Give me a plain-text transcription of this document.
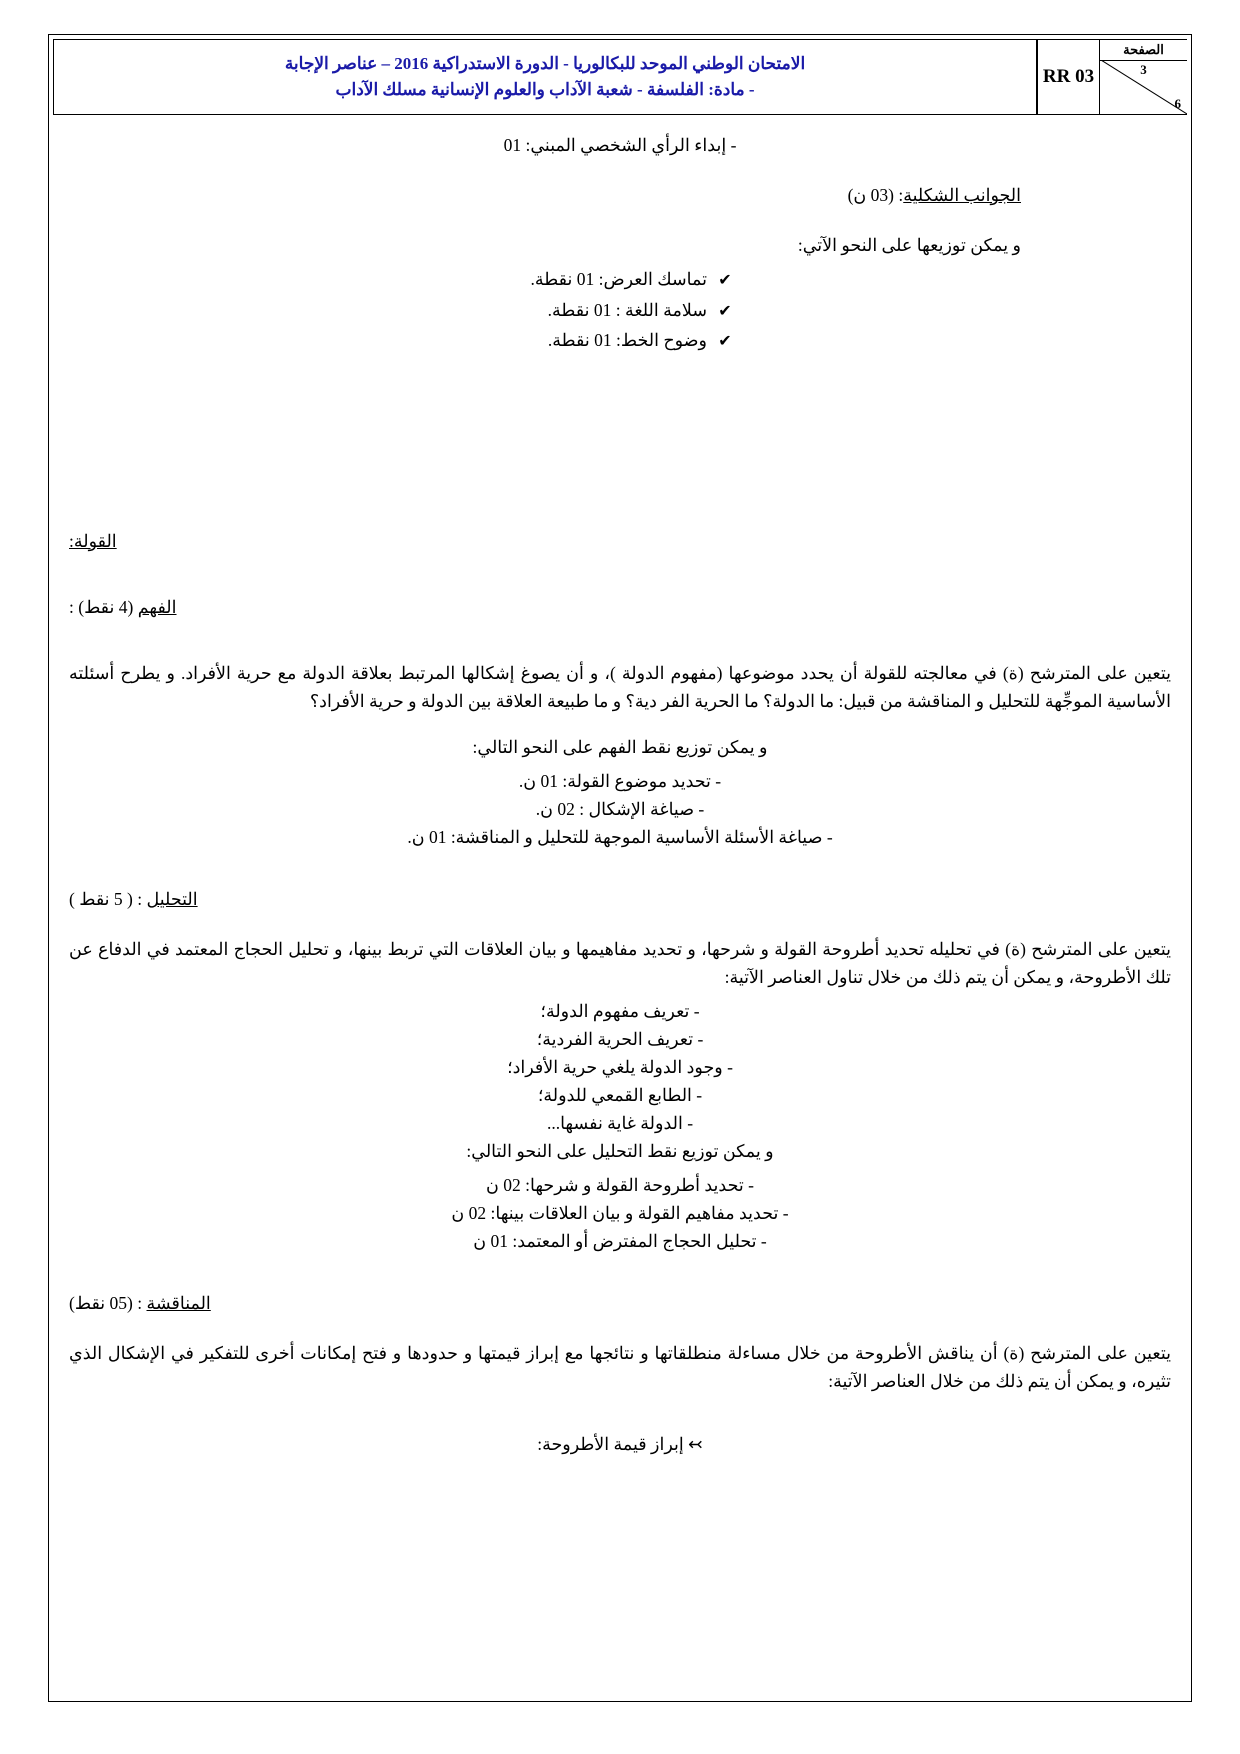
الصفحة
3
6
RR 03
الامتحان الوطني الموحد للبكالوريا - الدورة الاستدراكية 2016 – عناصر الإجابة
- مادة: الفلسفة - شعبة الآداب والعلوم الإنسانية مسلك الآداب

- إبداء الرأي الشخصي المبني: 01

الجوانب الشكلية: (03 ن)

و يمكن توزيعها على النحو الآتي:

✔
تماسك العرض: 01 نقطة.
✔
سلامة اللغة : 01 نقطة.
✔
وضوح الخط: 01 نقطة.

القولة:

الفهم (4 نقط) :

يتعين على المترشح (ة) في معالجته للقولة أن يحدد موضوعها (مفهوم الدولة )، و أن يصوغ إشكالها المرتبط بعلاقة الدولة مع حرية الأفراد. و يطرح أسئلته الأساسية الموجِّهة للتحليل و المناقشة من قبيل: ما الدولة؟ ما الحرية الفر دية؟ و ما طبيعة العلاقة بين الدولة و حرية الأفراد؟

و يمكن توزيع نقط الفهم على النحو التالي:

- تحديد موضوع القولة: 01 ن.
- صياغة الإشكال : 02 ن.
- صياغة الأسئلة الأساسية الموجهة للتحليل و المناقشة: 01 ن.

التحليل : ( 5 نقط )

يتعين على المترشح (ة) في تحليله تحديد أطروحة القولة و شرحها، و تحديد مفاهيمها و بيان العلاقات التي تربط بينها، و تحليل الحجاج المعتمد في الدفاع عن تلك الأطروحة، و يمكن أن يتم ذلك من خلال تناول العناصر الآتية:

- تعريف مفهوم الدولة؛
- تعريف الحرية الفردية؛
- وجود الدولة يلغي حرية الأفراد؛
- الطابع القمعي للدولة؛
- الدولة غاية نفسها...

و يمكن توزيع نقط التحليل على النحو التالي:

- تحديد أطروحة القولة و شرحها: 02 ن
- تحديد مفاهيم القولة و بيان العلاقات بينها: 02 ن
- تحليل الحجاج المفترض أو المعتمد: 01 ن

المناقشة : (05 نقط)

يتعين على المترشح (ة) أن يناقش الأطروحة من خلال مساءلة منطلقاتها و نتائجها مع إبراز قيمتها و حدودها و فتح إمكانات أخرى للتفكير في الإشكال الذي تثيره، و يمكن أن يتم ذلك من خلال العناصر الآتية:

↢ إبراز قيمة الأطروحة:
